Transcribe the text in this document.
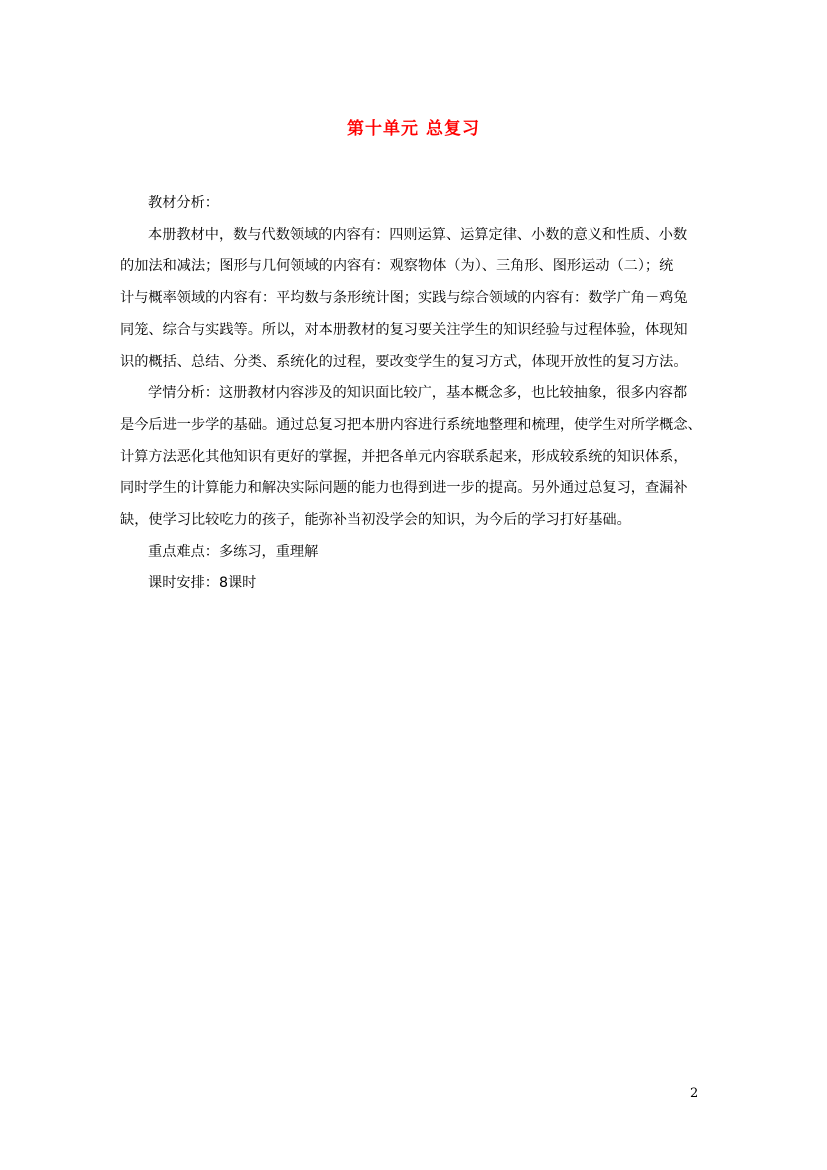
第十单元 总复习
教材分析：
本册教材中，数与代数领域的内容有：四则运算、运算定律、小数的意义和性质、小数
的加法和减法；图形与几何领域的内容有：观察物体（为）、三角形、图形运动（二）；统
计与概率领域的内容有：平均数与条形统计图；实践与综合领域的内容有：数学广角－鸡兔
同笼、综合与实践等。所以，对本册教材的复习要关注学生的知识经验与过程体验，体现知
识的概括、总结、分类、系统化的过程，要改变学生的复习方式，体现开放性的复习方法。
学情分析：这册教材内容涉及的知识面比较广，基本概念多，也比较抽象，很多内容都
是今后进一步学的基础。通过总复习把本册内容进行系统地整理和梳理，使学生对所学概念、
计算方法恶化其他知识有更好的掌握，并把各单元内容联系起来，形成较系统的知识体系，
同时学生的计算能力和解决实际问题的能力也得到进一步的提高。另外通过总复习，查漏补
缺，使学习比较吃力的孩子，能弥补当初没学会的知识，为今后的学习打好基础。
重点难点：多练习，重理解
课时安排：8课时
2
